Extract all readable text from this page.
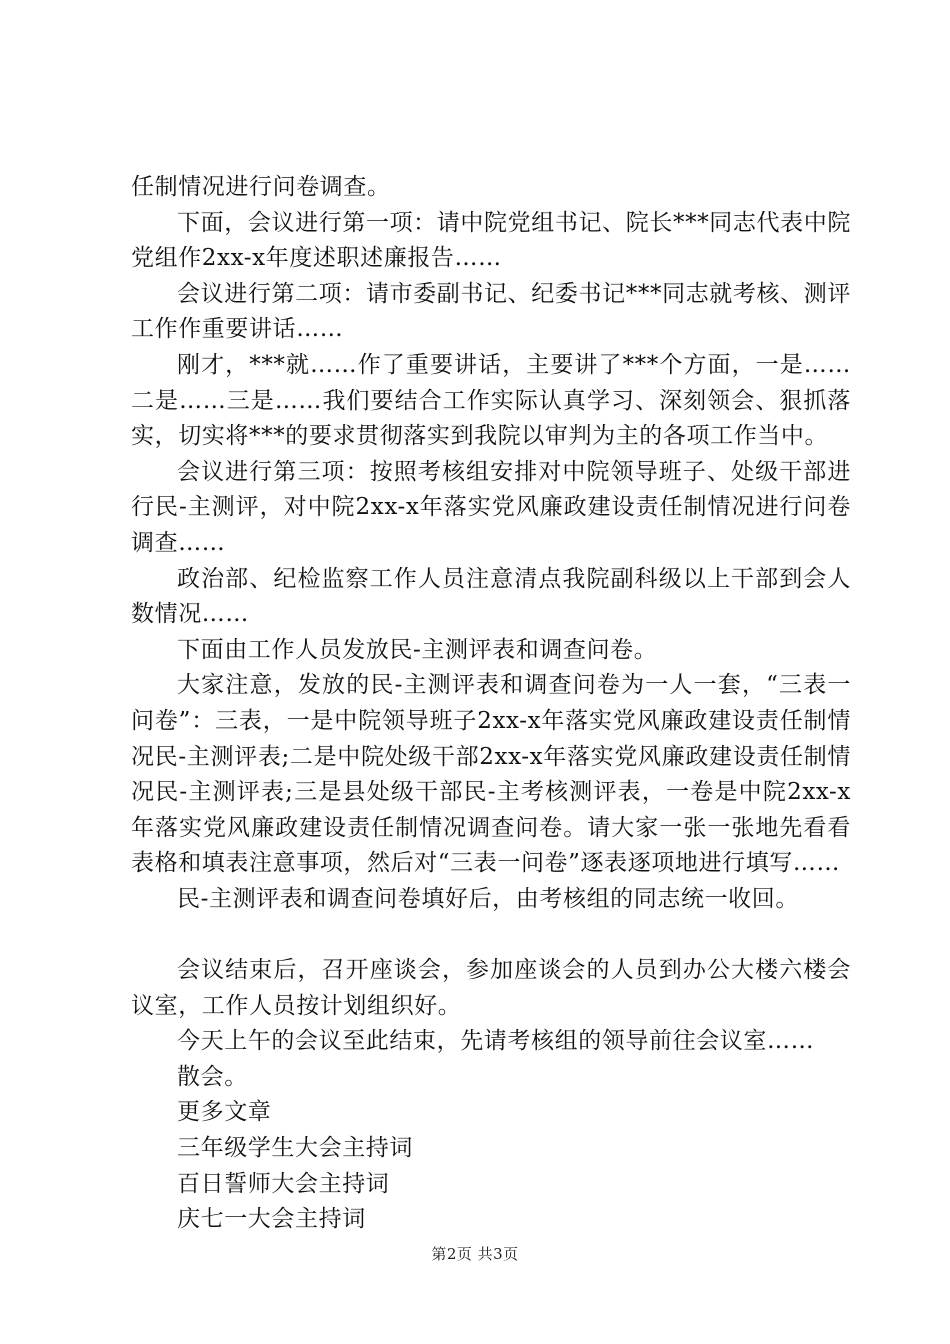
任制情况进行问卷调查。

下面，会议进行第一项：请中院党组书记、院长***同志代表中院党组作2xx-x年度述职述廉报告……

会议进行第二项：请市委副书记、纪委书记***同志就考核、测评工作作重要讲话……

刚才，***就……作了重要讲话，主要讲了***个方面，一是……二是……三是……我们要结合工作实际认真学习、深刻领会、狠抓落实，切实将***的要求贯彻落实到我院以审判为主的各项工作当中。

会议进行第三项：按照考核组安排对中院领导班子、处级干部进行民-主测评，对中院2xx-x年落实党风廉政建设责任制情况进行问卷调查……

政治部、纪检监察工作人员注意清点我院副科级以上干部到会人数情况……

下面由工作人员发放民-主测评表和调查问卷。

大家注意，发放的民-主测评表和调查问卷为一人一套，“三表一问卷”：三表，一是中院领导班子2xx-x年落实党风廉政建设责任制情况民-主测评表;二是中院处级干部2xx-x年落实党风廉政建设责任制情况民-主测评表;三是县处级干部民-主考核测评表，一卷是中院2xx-x年落实党风廉政建设责任制情况调查问卷。请大家一张一张地先看看表格和填表注意事项，然后对“三表一问卷”逐表逐项地进行填写……

民-主测评表和调查问卷填好后，由考核组的同志统一收回。

会议结束后，召开座谈会，参加座谈会的人员到办公大楼六楼会议室，工作人员按计划组织好。

今天上午的会议至此结束，先请考核组的领导前往会议室……

散会。

更多文章
三年级学生大会主持词
百日誓师大会主持词
庆七一大会主持词
第2页 共3页
